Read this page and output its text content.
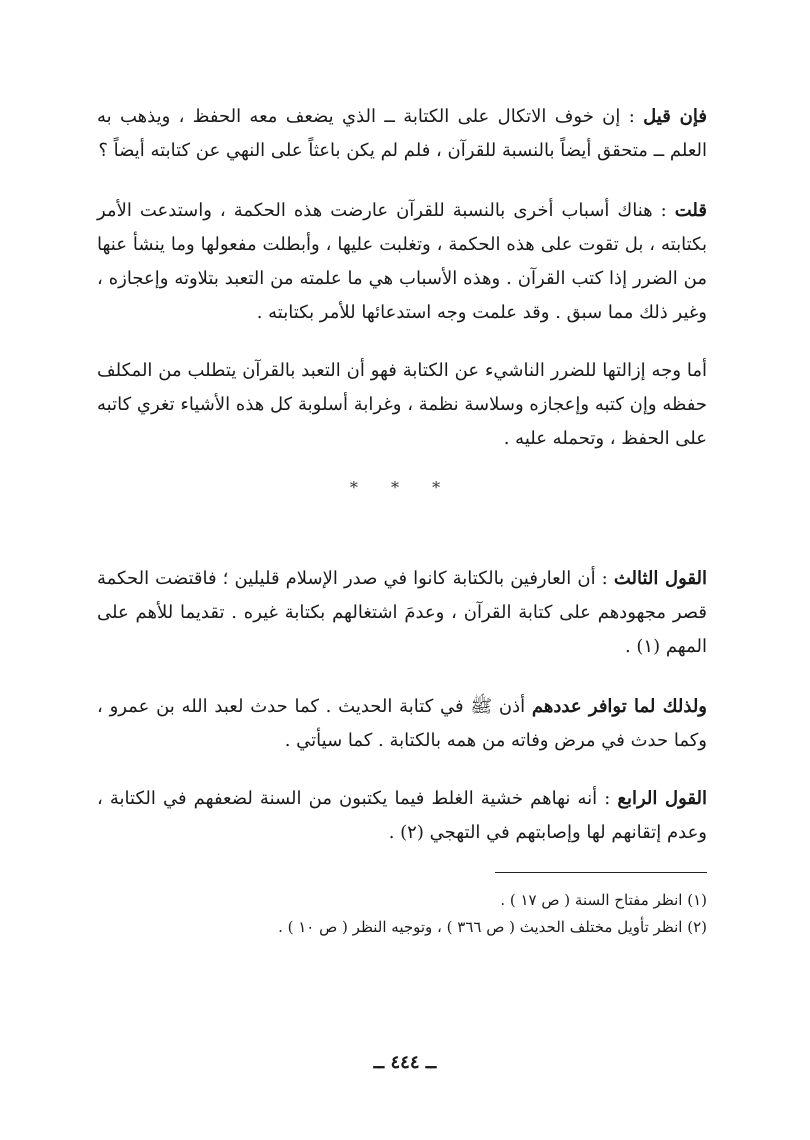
فإن قيل : إن خوف الاتكال على الكتابة ــ الذي يضعف معه الحفظ ، ويذهب به العلم ــ متحقق أيضاً بالنسبة للقرآن ، فلم لم يكن باعثاً على النهي عن كتابته أيضاً ؟

قلت : هناك أسباب أخرى بالنسبة للقرآن عارضت هذه الحكمة ، واستدعت الأمر بكتابته ، بل تقوت على هذه الحكمة ، وتغلبت عليها ، وأبطلت مفعولها وما ينشأ عنها من الضرر إذا كتب القرآن . وهذه الأسباب هي ما علمته من التعبد بتلاوته وإعجازه ، وغير ذلك مما سبق . وقد علمت وجه استدعائها للأمر بكتابته .

أما وجه إزالتها للضرر الناشيء عن الكتابة فهو أن التعبد بالقرآن يتطلب من المكلف حفظه وإن كتبه وإعجازه وسلاسة نظمة ، وغرابة أسلوبة كل هذه الأشياء تغري كاتبه على الحفظ ، وتحمله عليه .

* * *

القول الثالث : أن العارفين بالكتابة كانوا في صدر الإسلام قليلين ؛ فاقتضت الحكمة قصر مجهودهم على كتابة القرآن ، وعدمَ اشتغالهم بكتابة غيره . تقديما للأهم على المهم (١) .

ولذلك لما توافر عددهم أذن ﷺ في كتابة الحديث . كما حدث لعبد الله بن عمرو ، وكما حدث في مرض وفاته من همه بالكتابة . كما سيأتي .

القول الرابع : أنه نهاهم خشية الغلط فيما يكتبون من السنة لضعفهم في الكتابة ، وعدم إتقانهم لها وإصابتهم في التهجي (٢) .

(١) انظر مفتاح السنة ( ص ١٧ ) .
(٢) انظر تأويل مختلف الحديث ( ص ٣٦٦ ) ، وتوجيه النظر ( ص ١٠ ) .
ــ ٤٤٤ ــ
